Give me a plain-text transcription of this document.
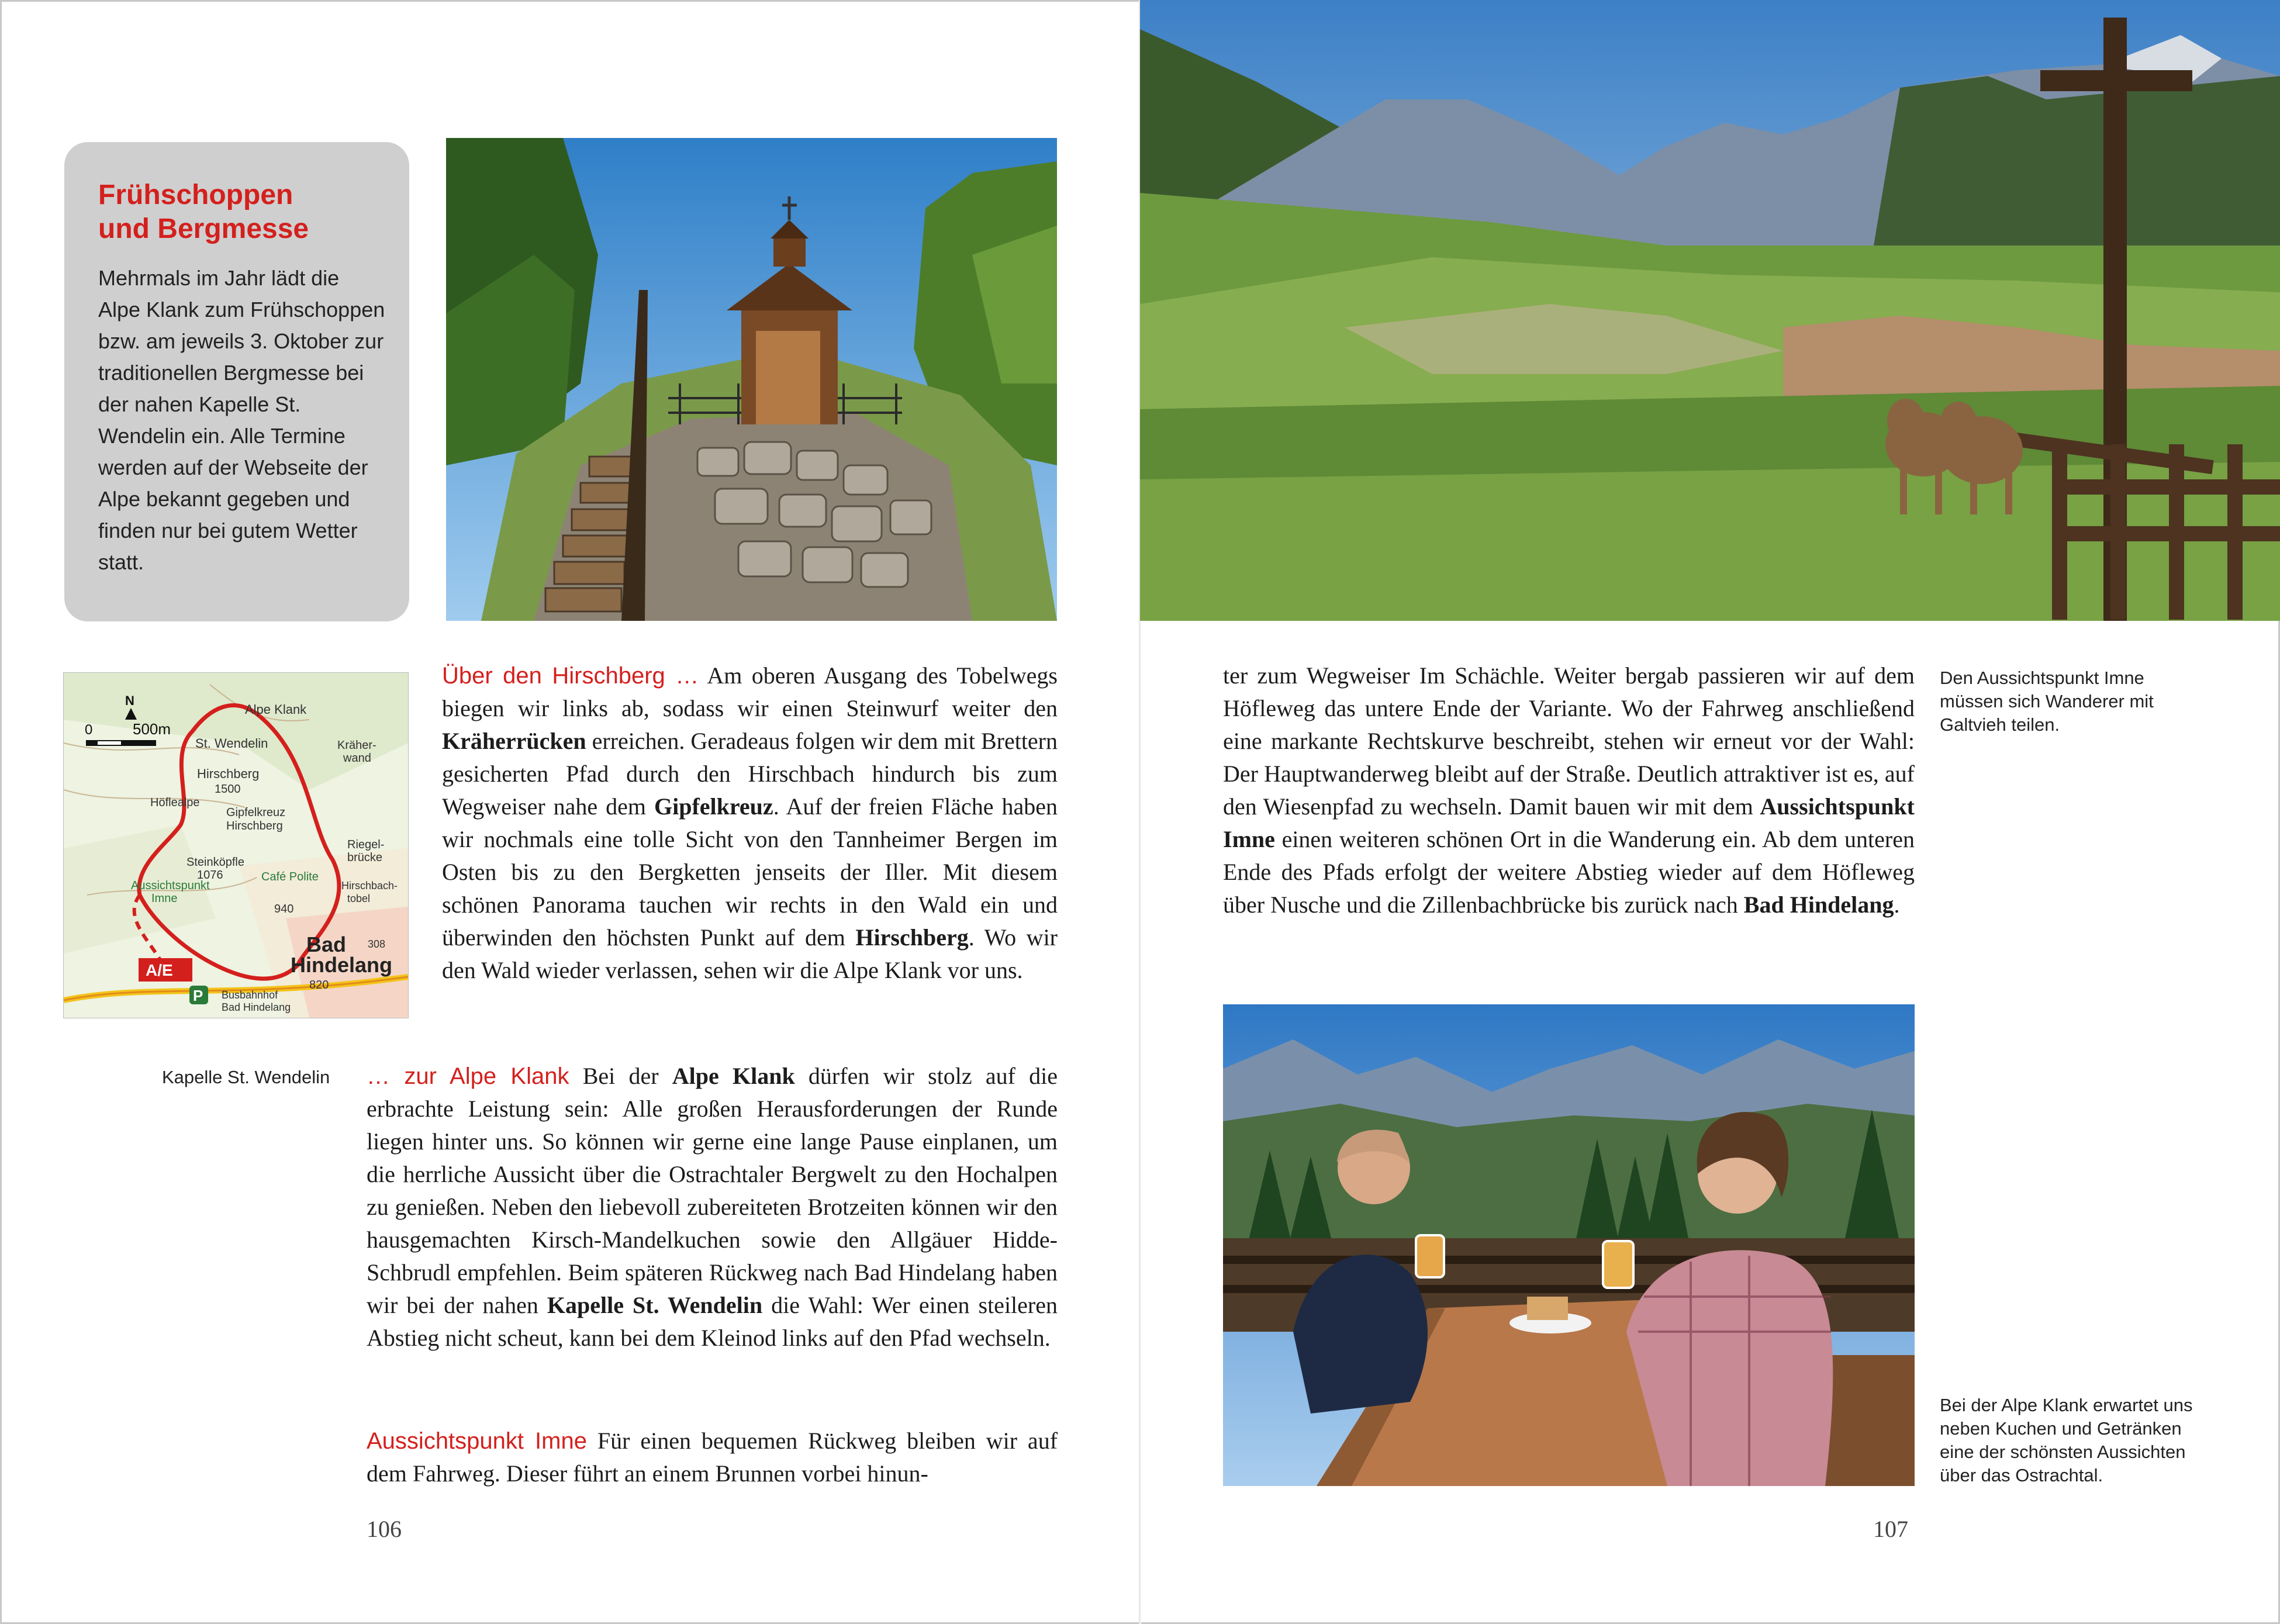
Frühschoppen
und Bergmesse

Mehrmals im Jahr lädt die Alpe Klank zum Frühschoppen bzw. am jeweils 3. Oktober zur traditionellen Bergmesse bei der nahen Kapelle St. Wendelin ein. Alle Termine werden auf der Webseite der Alpe bekannt gegeben und finden nur bei gutem Wetter statt.

0	500m
N
Alpe Klank
St. Wendelin
Hirschberg
1500
Höflealpe
Gipfelkreuz
Hirschberg
Kräher-
wand
Steinköpfle
1076	Café Polite
940
Riegel-
brücke
Aussichtspunkt
Imne
Hirschbach-
tobel
Bad
Hindelang
820
Busbahnhof
Bad Hindelang
308
A/E
P
Kapelle St. Wendelin
Über den Hirschberg … Am oberen Ausgang des Tobelwegs biegen wir links ab, sodass wir einen Steinwurf weiter den Kräherrücken erreichen. Geradeaus folgen wir dem mit Brettern gesicherten Pfad durch den Hirschbach hindurch bis zum Wegweiser nahe dem Gipfelkreuz. Auf der freien Fläche haben wir nochmals eine tolle Sicht von den Tannheimer Bergen im Osten bis zu den Bergketten jenseits der Iller. Mit diesem schönen Panorama tauchen wir rechts in den Wald ein und überwinden den höchsten Punkt auf dem Hirschberg. Wo wir den Wald wieder verlassen, sehen wir die Alpe Klank vor uns.
… zur Alpe Klank Bei der Alpe Klank dürfen wir stolz auf die erbrachte Leistung sein: Alle großen Herausforderungen der Runde liegen hinter uns. So können wir gerne eine lange Pause einplanen, um die herrliche Aussicht über die Ostrachtaler Bergwelt zu den Hochalpen zu genießen. Neben den liebevoll zubereiteten Brotzeiten können wir den hausgemachten Kirsch-Mandelkuchen sowie den Allgäuer Hidde-Schbrudl empfehlen. Beim späteren Rückweg nach Bad Hindelang haben wir bei der nahen Kapelle St. Wendelin die Wahl: Wer einen steileren Abstieg nicht scheut, kann bei dem Kleinod links auf den Pfad wechseln.
Aussichtspunkt Imne Für einen bequemen Rückweg bleiben wir auf dem Fahrweg. Dieser führt an einem Brunnen vorbei hinun-
ter zum Wegweiser Im Schächle. Weiter bergab passieren wir auf dem Höfleweg das untere Ende der Variante. Wo der Fahrweg anschließend eine markante Rechtskurve beschreibt, stehen wir erneut vor der Wahl: Der Hauptwanderweg bleibt auf der Straße. Deutlich attraktiver ist es, auf den Wiesenpfad zu wechseln. Damit bauen wir mit dem Aussichtspunkt Imne einen weiteren schönen Ort in die Wanderung ein. Ab dem unteren Ende des Pfads erfolgt der weitere Abstieg wieder auf dem Höfleweg über Nusche und die Zillenbachbrücke bis zurück nach Bad Hindelang.
Den Aussichtspunkt Imne müssen sich Wanderer mit Galtvieh teilen.
Bei der Alpe Klank erwartet uns neben Kuchen und Getränken eine der schönsten Aussichten über das Ostrachtal.
106	107
